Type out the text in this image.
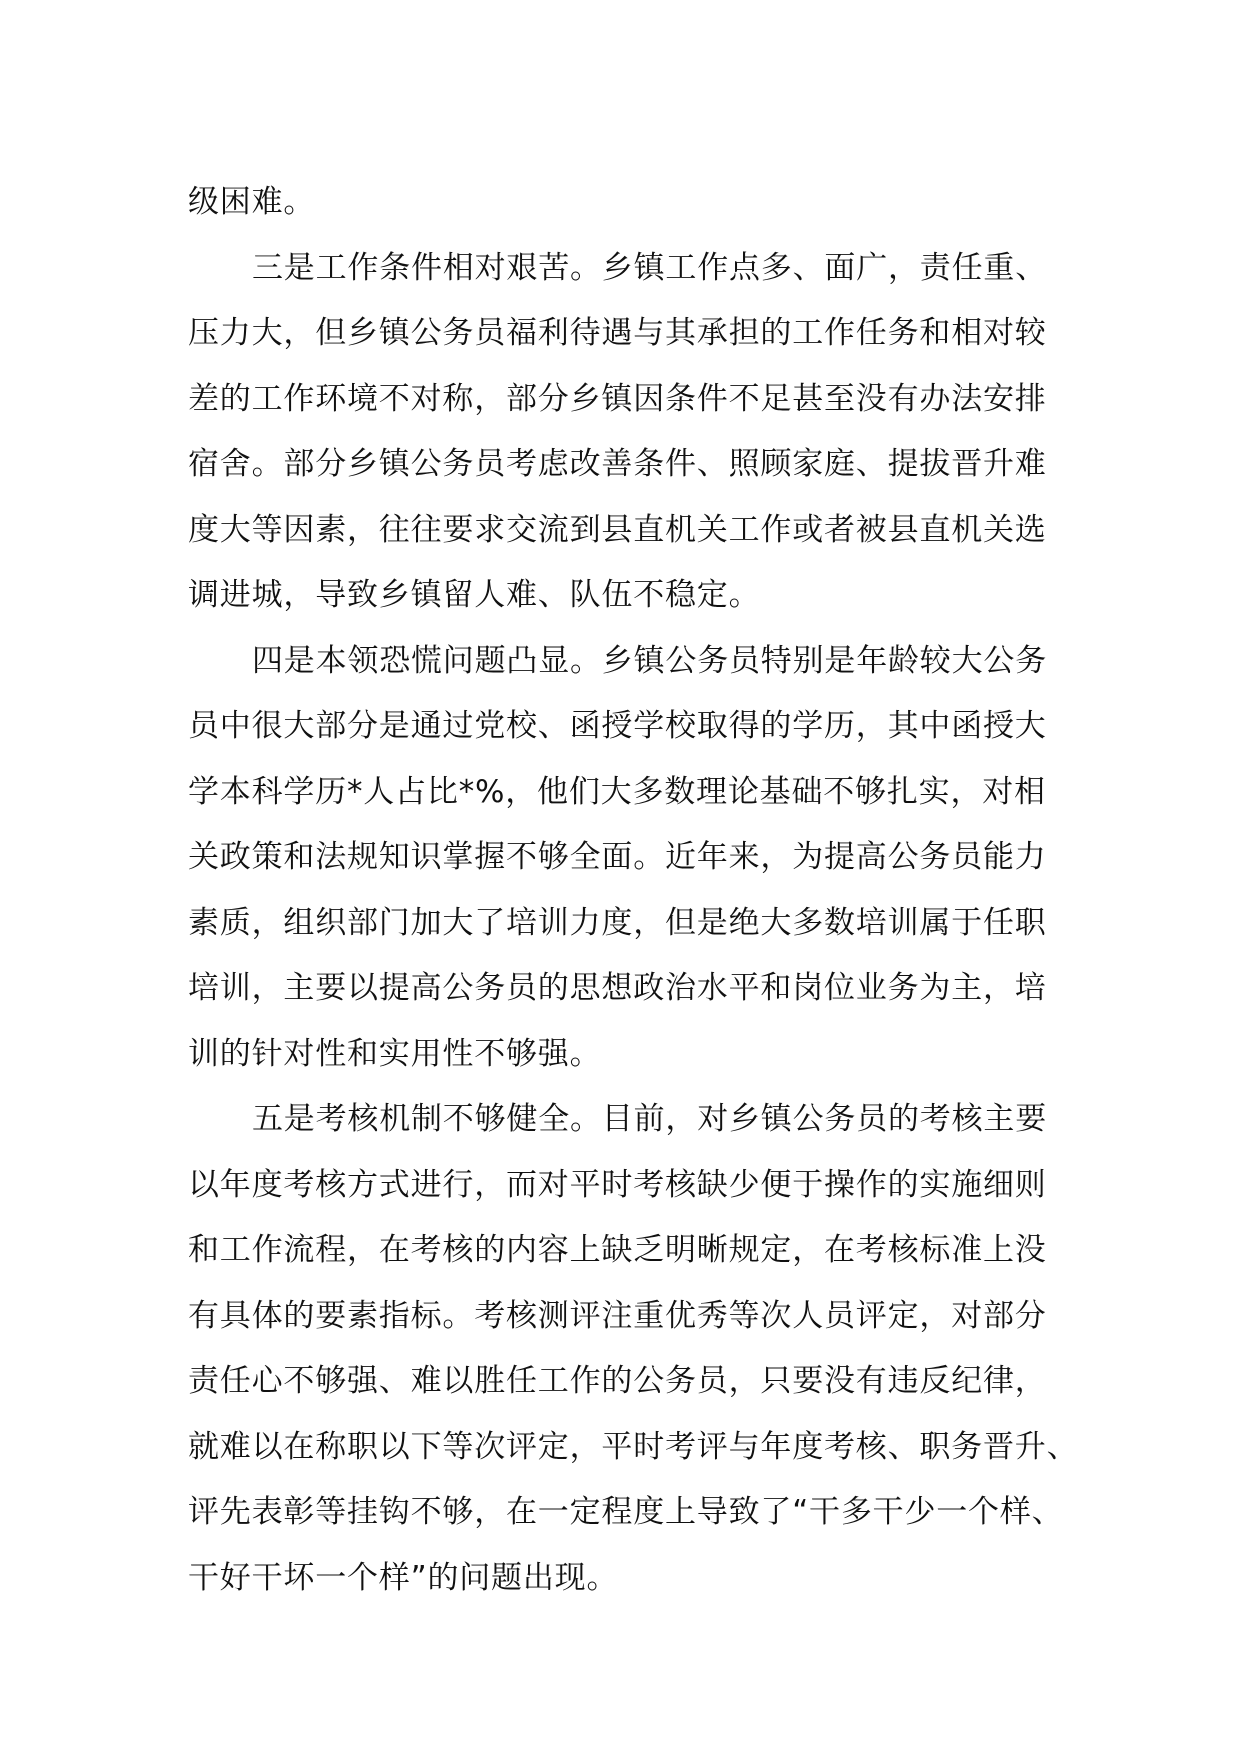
级困难。
三是工作条件相对艰苦。乡镇工作点多、面广，责任重、
压力大，但乡镇公务员福利待遇与其承担的工作任务和相对较
差的工作环境不对称，部分乡镇因条件不足甚至没有办法安排
宿舍。部分乡镇公务员考虑改善条件、照顾家庭、提拔晋升难
度大等因素，往往要求交流到县直机关工作或者被县直机关选
调进城，导致乡镇留人难、队伍不稳定。
四是本领恐慌问题凸显。乡镇公务员特别是年龄较大公务
员中很大部分是通过党校、函授学校取得的学历，其中函授大
学本科学历*人占比*%，他们大多数理论基础不够扎实，对相
关政策和法规知识掌握不够全面。近年来，为提高公务员能力
素质，组织部门加大了培训力度，但是绝大多数培训属于任职
培训，主要以提高公务员的思想政治水平和岗位业务为主，培
训的针对性和实用性不够强。
五是考核机制不够健全。目前，对乡镇公务员的考核主要
以年度考核方式进行，而对平时考核缺少便于操作的实施细则
和工作流程，在考核的内容上缺乏明晰规定，在考核标准上没
有具体的要素指标。考核测评注重优秀等次人员评定，对部分
责任心不够强、难以胜任工作的公务员，只要没有违反纪律，
就难以在称职以下等次评定，平时考评与年度考核、职务晋升、
评先表彰等挂钩不够，在一定程度上导致了“干多干少一个样、
干好干坏一个样”的问题出现。
